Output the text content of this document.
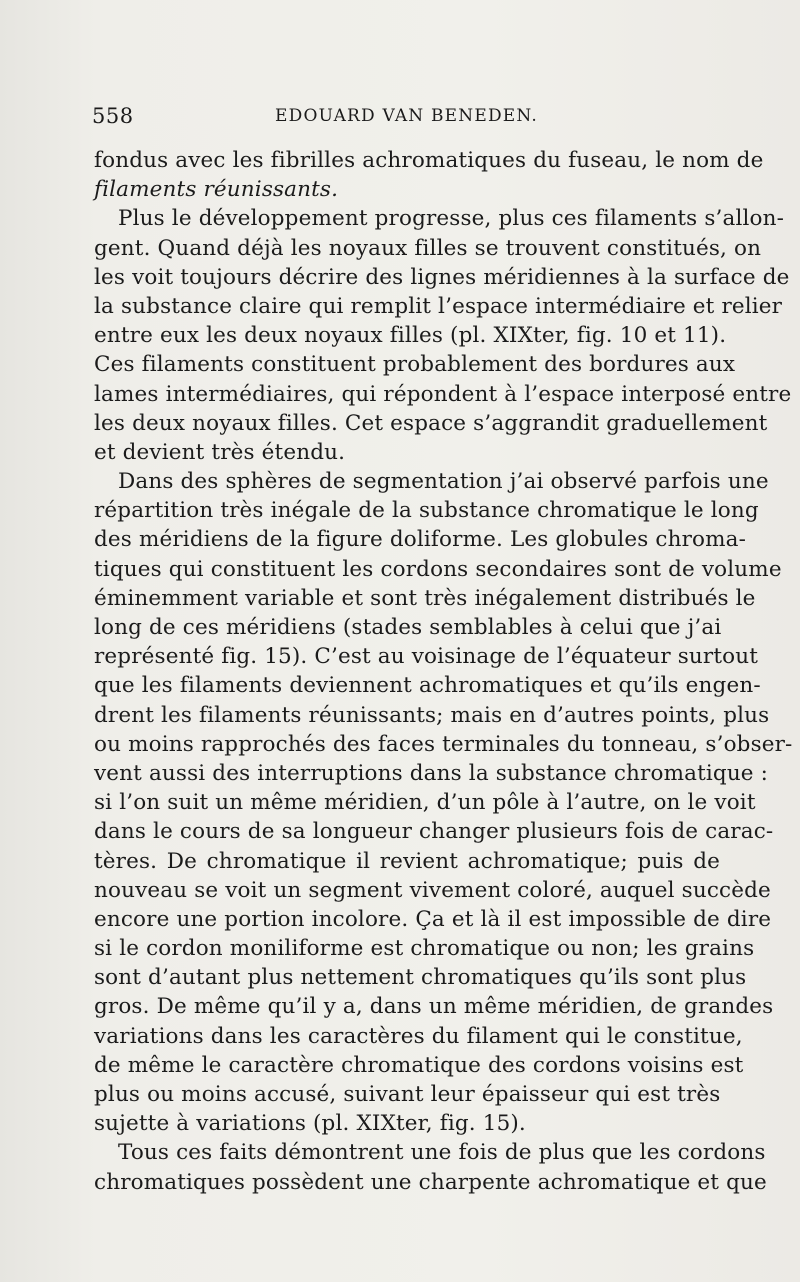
558	EDOUARD VAN BENEDEN.
fondus avec les fibrilles achromatiques du fuseau, le nom de
filaments réunissants.
Plus le développement progresse, plus ces filaments s’allon-
gent. Quand déjà les noyaux filles se trouvent constitués, on
les voit toujours décrire des lignes méridiennes à la surface de
la substance claire qui remplit l’espace intermédiaire et relier
entre eux les deux noyaux filles (pl. XIXter, fig. 10 et 11).
Ces filaments constituent probablement des bordures aux
lames intermédiaires, qui répondent à l’espace interposé entre
les deux noyaux filles. Cet espace s’aggrandit graduellement
et devient très étendu.
Dans des sphères de segmentation j’ai observé parfois une
répartition très inégale de la substance chromatique le long
des méridiens de la figure doliforme. Les globules chroma-
tiques qui constituent les cordons secondaires sont de volume
éminemment variable et sont très inégalement distribués le
long de ces méridiens (stades semblables à celui que j’ai
représenté fig. 15). C’est au voisinage de l’équateur surtout
que les filaments deviennent achromatiques et qu’ils engen-
drent les filaments réunissants; mais en d’autres points, plus
ou moins rapprochés des faces terminales du tonneau, s’obser-
vent aussi des interruptions dans la substance chromatique :
si l’on suit un même méridien, d’un pôle à l’autre, on le voit
dans le cours de sa longueur changer plusieurs fois de carac-
tères. De chromatique il revient achromatique; puis de
nouveau se voit un segment vivement coloré, auquel succède
encore une portion incolore. Ça et là il est impossible de dire
si le cordon moniliforme est chromatique ou non; les grains
sont d’autant plus nettement chromatiques qu’ils sont plus
gros. De même qu’il y a, dans un même méridien, de grandes
variations dans les caractères du filament qui le constitue,
de même le caractère chromatique des cordons voisins est
plus ou moins accusé, suivant leur épaisseur qui est très
sujette à variations (pl. XIXter, fig. 15).
Tous ces faits démontrent une fois de plus que les cordons
chromatiques possèdent une charpente achromatique et que
